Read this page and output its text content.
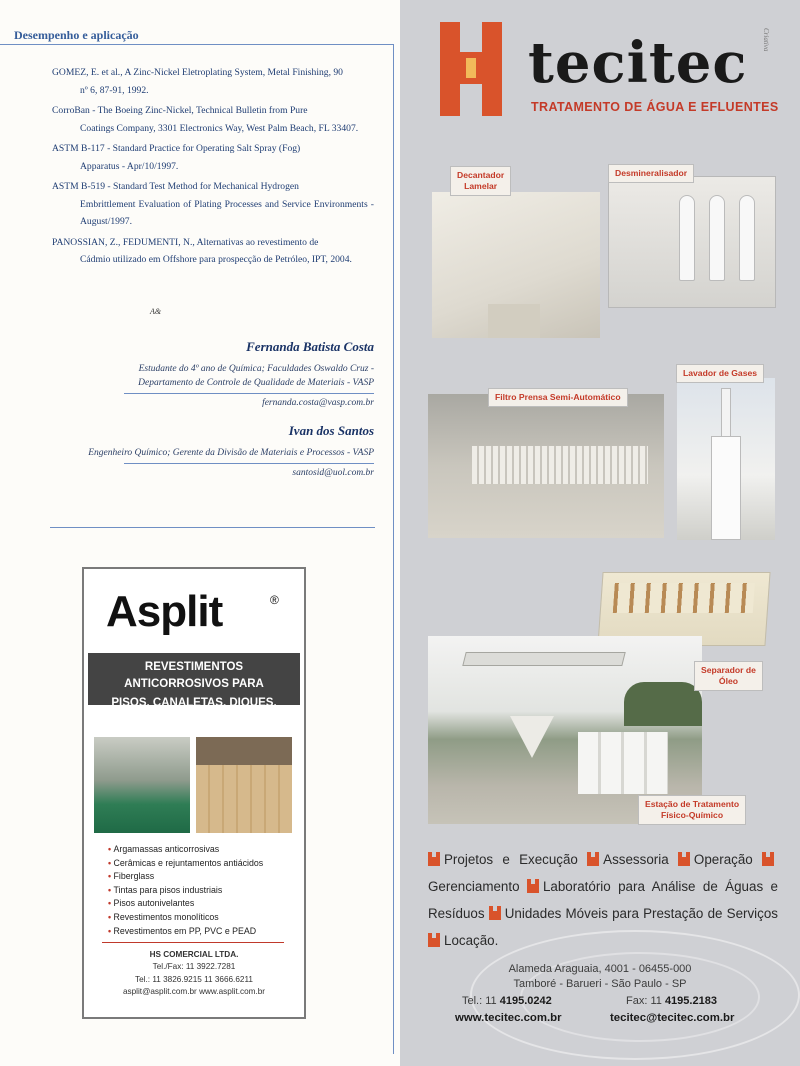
Desempenho e aplicação

GOMEZ, E. et al., A Zinc-Nickel Eletroplating System, Metal Finishing, 90
nº 6, 87-91, 1992.

CorroBan - The Boeing Zinc-Nickel, Technical Bulletin from Pure
Coatings Company, 3301 Electronics Way, West Palm Beach, FL 33407.

ASTM B-117 - Standard Practice for Operating Salt Spray (Fog)
Apparatus - Apr/10/1997.

ASTM B-519 - Standard Test Method for Mechanical Hydrogen
Embrittlement Evaluation of Plating Processes and Service Environments - August/1997.

PANOSSIAN, Z., FEDUMENTI, N., Alternativas ao revestimento de
Cádmio utilizado em Offshore para prospecção de Petróleo, IPT, 2004.

A&
Fernanda Batista Costa
Estudante do 4º ano de Química; Faculdades Oswaldo Cruz - Departamento de Controle de Qualidade de Materiais - VASP
fernanda.costa@vasp.com.br
Ivan dos Santos
Engenheiro Químico; Gerente da Divisão de Materiais e Processos - VASP
santosid@uol.com.br
Asplit	®
REVESTIMENTOS
ANTICORROSIVOS PARA
PISOS, CANALETAS, DIQUES,
TANQUES E REATORES .
• Argamassas anticorrosivas
• Cerâmicas e rejuntamentos antiácidos
• Fiberglass
• Tintas para pisos industriais
• Pisos autonivelantes
• Revestimentos monolíticos
• Revestimentos em PP, PVC e PEAD
HS COMERCIAL LTDA.
Tel./Fax: 11 3922.7281
Tel.: 11 3826.9215 11 3666.6211
asplit@asplit.com.br www.asplit.com.br
Criativa
tecitec
TRATAMENTO DE ÁGUA E EFLUENTES
Decantador
Lamelar
Desmineralisador
Lavador de Gases
Filtro Prensa Semi-Automático
Separador de
Óleo
Estação de Tratamento
Físico-Químico
Projetos e Execução Assessoria Operação Gerenciamento Laboratório para Análise de Águas e Resíduos Unidades Móveis para Prestação de Serviços Locação.
Alameda Araguaia, 4001 - 06455-000
Tamboré - Barueri - São Paulo - SP
Tel.: 11 4195.0242	Fax: 11 4195.2183
www.tecitec.com.br	tecitec@tecitec.com.br
